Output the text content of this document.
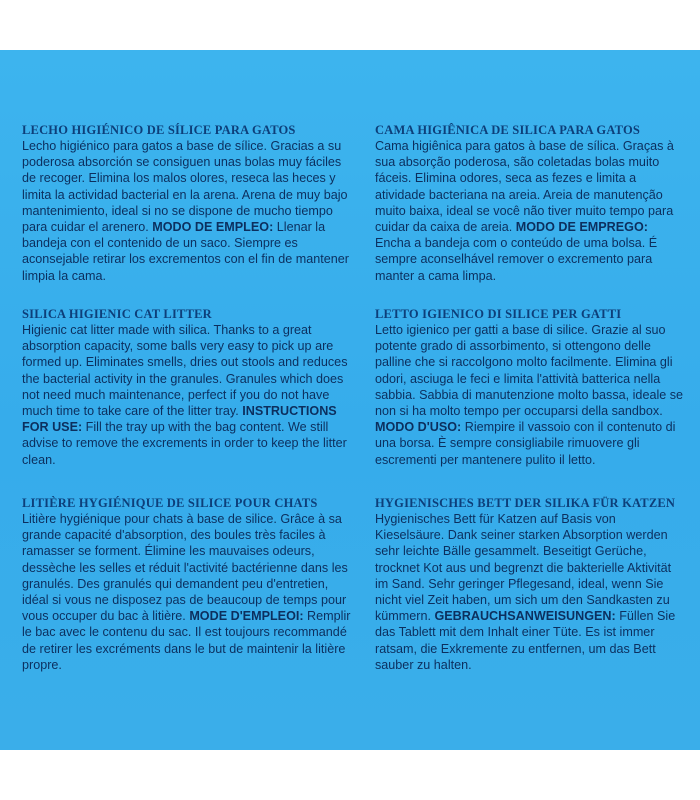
LECHO HIGIÉNICO DE SÍLICE PARA GATOS

Lecho higiénico para gatos a base de sílice. Gracias a su poderosa absorción se consiguen unas bolas muy fáciles de recoger. Elimina los malos olores, reseca las heces y limita la actividad bacterial en la arena. Arena de muy bajo mantenimiento, ideal si no se dispone de mucho tiempo para cuidar el arenero. MODO DE EMPLEO: Llenar la bandeja con el contenido de un saco. Siempre es aconsejable retirar los excrementos con el fin de mantener limpia la cama.

SILICA HIGIENIC CAT LITTER

Higienic cat litter made with silica. Thanks to a great absorption capacity, some balls very easy to pick up are formed up. Eliminates smells, dries out stools and reduces the bacterial activity in the granules. Granules which does not need much maintenance, perfect if you do not have much time to take care of the litter tray. INSTRUCTIONS FOR USE: Fill the tray up with the bag content. We still advise to remove the excrements in order to keep the litter clean.

LITIÈRE HYGIÉNIQUE DE SILICE POUR CHATS

Litière hygiénique pour chats à base de silice. Grâce à sa grande capacité d'absorption, des boules très faciles à ramasser se forment. Élimine les mauvaises odeurs, dessèche les selles et réduit l'activité bactérienne dans les granulés. Des granulés qui demandent peu d'entretien, idéal si vous ne disposez pas de beaucoup de temps pour vous occuper du bac à litière. MODE D'EMPLEOI: Remplir le bac avec le contenu du sac. Il est toujours recommandé de retirer les excréments dans le but de maintenir la litière propre.

CAMA HIGIÊNICA DE SILICA PARA GATOS

Cama higiênica para gatos à base de sílica. Graças à sua absorção poderosa, são coletadas bolas muito fáceis. Elimina odores, seca as fezes e limita a atividade bacteriana na areia. Areia de manutenção muito baixa, ideal se você não tiver muito tempo para cuidar da caixa de areia. MODO DE EMPREGO: Encha a bandeja com o conteúdo de uma bolsa. É sempre aconselhável remover o excremento para manter a cama limpa.

LETTO IGIENICO DI SILICE PER GATTI

Letto igienico per gatti a base di silice. Grazie al suo potente grado di assorbimento, si ottengono delle palline che si raccolgono molto facilmente. Elimina gli odori, asciuga le feci e limita l'attività batterica nella sabbia. Sabbia di manutenzione molto bassa, ideale se non si ha molto tempo per occuparsi della sandbox. MODO D'USO: Riempire il vassoio con il contenuto di una borsa. È sempre consigliabile rimuovere gli escrementi per mantenere pulito il letto.

HYGIENISCHES BETT DER SILIKA FÜR KATZEN

Hygienisches Bett für Katzen auf Basis von Kieselsäure. Dank seiner starken Absorption werden sehr leichte Bälle gesammelt. Beseitigt Gerüche, trocknet Kot aus und begrenzt die bakterielle Aktivität im Sand. Sehr geringer Pflegesand, ideal, wenn Sie nicht viel Zeit haben, um sich um den Sandkasten zu kümmern. GEBRAUCHSANWEISUNGEN: Füllen Sie das Tablett mit dem Inhalt einer Tüte. Es ist immer ratsam, die Exkremente zu entfernen, um das Bett sauber zu halten.
